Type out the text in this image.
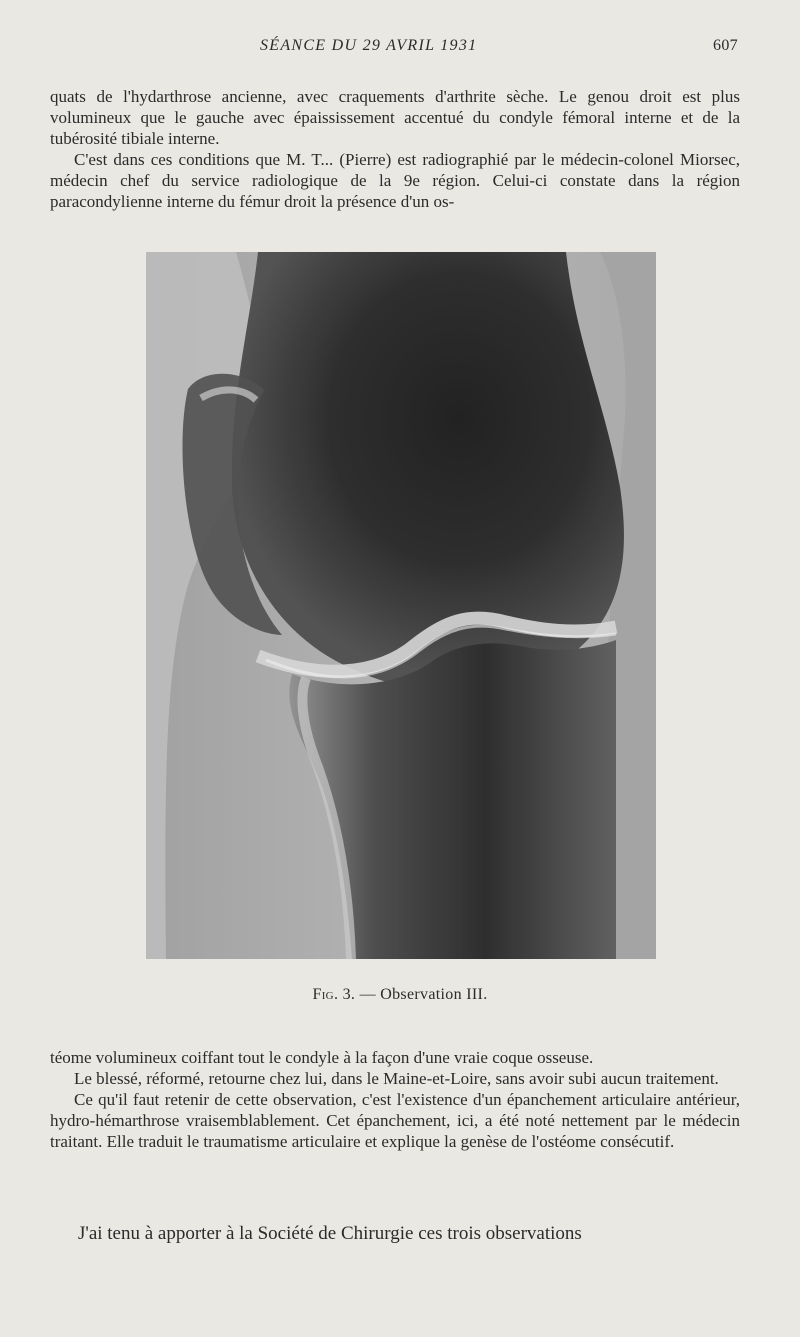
SÉANCE DU 29 AVRIL 1931	607

quats de l'hydarthrose ancienne, avec craquements d'arthrite sèche. Le genou droit est plus volumineux que le gauche avec épaississement accentué du condyle fémoral interne et de la tubérosité tibiale interne.

C'est dans ces conditions que M. T... (Pierre) est radiographié par le médecin-colonel Miorsec, médecin chef du service radiologique de la 9e région. Celui-ci constate dans la région paracondylienne interne du fémur droit la présence d'un os-

Fig. 3. — Observation III.

téome volumineux coiffant tout le condyle à la façon d'une vraie coque osseuse.

Le blessé, réformé, retourne chez lui, dans le Maine-et-Loire, sans avoir subi aucun traitement.

Ce qu'il faut retenir de cette observation, c'est l'existence d'un épanchement articulaire antérieur, hydro-hémarthrose vraisemblablement. Cet épanchement, ici, a été noté nettement par le médecin traitant. Elle traduit le traumatisme articulaire et explique la genèse de l'ostéome consécutif.

J'ai tenu à apporter à la Société de Chirurgie ces trois observations
